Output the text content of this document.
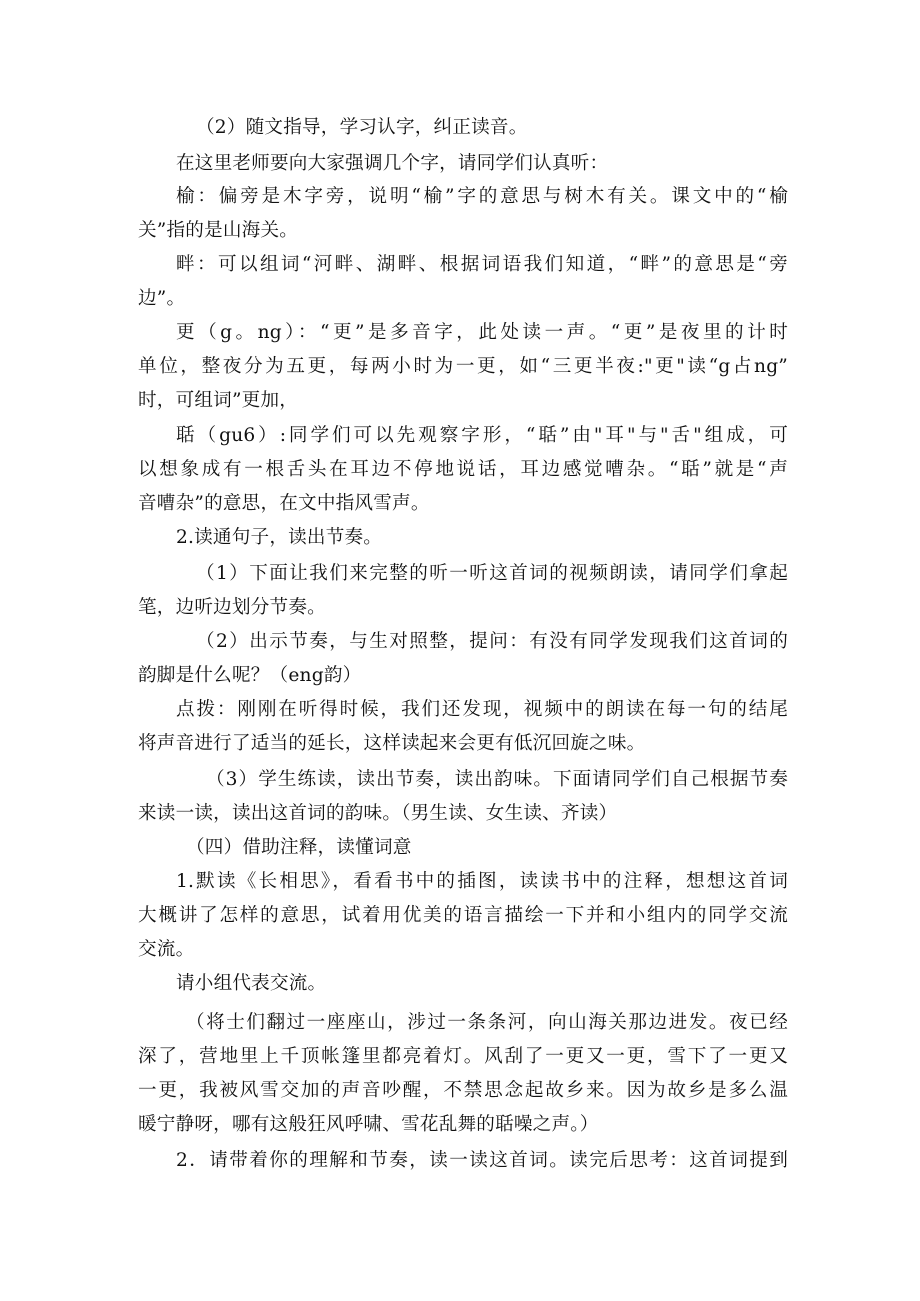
（2）随文指导，学习认字，纠正读音。
在这里老师要向大家强调几个字，请同学们认真听：
榆：偏旁是木字旁，说明“榆”字的意思与树木有关。课文中的“榆
关”指的是山海关。
畔：可以组词“河畔、湖畔、根据词语我们知道，“畔”的意思是“旁
边”。
更（g。ng）：“更”是多音字，此处读一声。“更”是夜里的计时
单位，整夜分为五更，每两小时为一更，如“三更半夜:"更"读“g占ng”
时，可组词”更加，
聒（gu6）:同学们可以先观察字形，“聒”由"耳"与"舌"组成，可
以想象成有一根舌头在耳边不停地说话，耳边感觉嘈杂。“聒”就是“声
音嘈杂”的意思，在文中指风雪声。
2.读通句子，读出节奏。
（1）下面让我们来完整的听一听这首词的视频朗读，请同学们拿起
笔，边听边划分节奏。
（2）出示节奏，与生对照整，提问：有没有同学发现我们这首词的
韵脚是什么呢？（eng韵）
点拨：刚刚在听得时候，我们还发现，视频中的朗读在每一句的结尾
将声音进行了适当的延长，这样读起来会更有低沉回旋之味。
（3）学生练读，读出节奏，读出韵味。下面请同学们自己根据节奏
来读一读，读出这首词的韵味。（男生读、女生读、齐读）
（四）借助注释，读懂词意
1.默读《长相思》，看看书中的插图，读读书中的注释，想想这首词
大概讲了怎样的意思，试着用优美的语言描绘一下并和小组内的同学交流
交流。
请小组代表交流。
（将士们翻过一座座山，涉过一条条河，向山海关那边进发。夜已经
深了，营地里上千顶帐篷里都亮着灯。风刮了一更又一更，雪下了一更又
一更，我被风雪交加的声音吵醒，不禁思念起故乡来。因为故乡是多么温
暖宁静呀，哪有这般狂风呼啸、雪花乱舞的聒噪之声。）
2．请带着你的理解和节奏，读一读这首词。读完后思考：这首词提到
